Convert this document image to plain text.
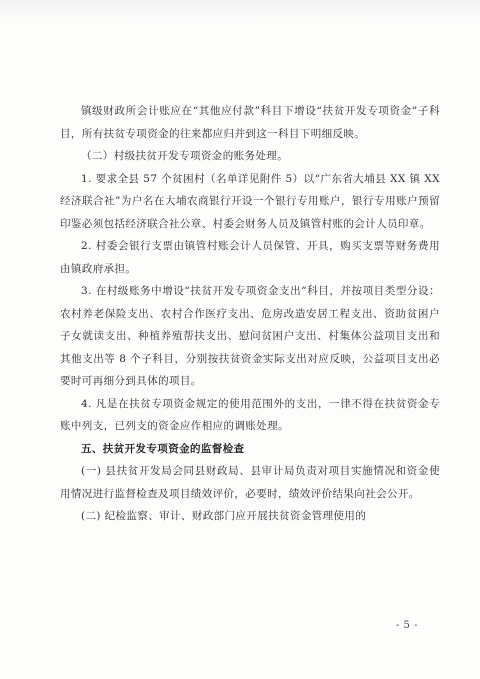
镇级财政所会计账应在“其他应付款”科目下增设“扶贫开发专项资金”子科目，所有扶贫专项资金的往来都应归并到这一科目下明细反映。

（二）村级扶贫开发专项资金的账务处理。

1. 要求全县 57 个贫困村（名单详见附件 5）以“广东省大埔县 XX 镇 XX 经济联合社”为户名在大埔农商银行开设一个银行专用账户，银行专用账户预留印鉴必须包括经济联合社公章、村委会财务人员及镇管村账的会计人员印章。

2. 村委会银行支票由镇管村账会计人员保管、开具，购买支票等财务费用由镇政府承担。

3. 在村级账务中增设“扶贫开发专项资金支出”科目，并按项目类型分设：农村养老保险支出、农村合作医疗支出、危房改造安居工程支出、资助贫困户子女就读支出、种植养殖帮扶支出、慰问贫困户支出、村集体公益项目支出和其他支出等 8 个子科目，分别按扶贫资金实际支出对应反映，公益项目支出必要时可再细分到具体的项目。

4. 凡是在扶贫专项资金规定的使用范围外的支出，一律不得在扶贫资金专账中列支，已列支的资金应作相应的调账处理。

五、扶贫开发专项资金的监督检查

(一) 县扶贫开发局会同县财政局、县审计局负责对项目实施情况和资金使用情况进行监督检查及项目绩效评价，必要时，绩效评价结果向社会公开。

(二) 纪检监察、审计、财政部门应开展扶贫资金管理使用的

- 5 -
